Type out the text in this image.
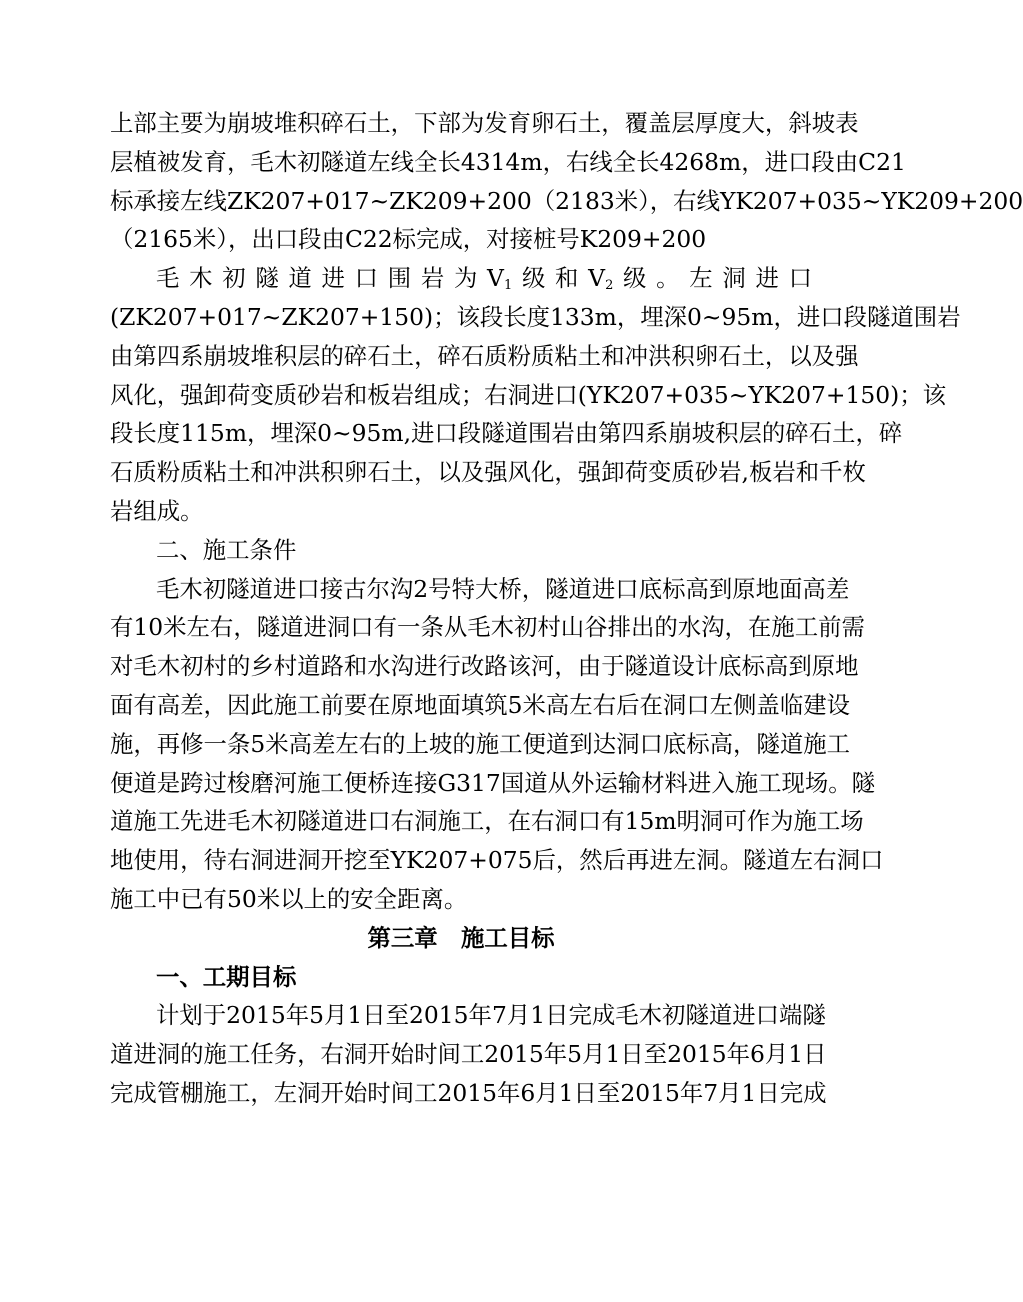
上部主要为崩坡堆积碎石土，下部为发育卵石土，覆盖层厚度大，斜坡表
层植被发育，毛木初隧道左线全长4314m，右线全长4268m，进口段由C21
标承接左线ZK207+017~ZK209+200（2183米），右线YK207+035~YK209+200
（2165米），出口段由C22标完成，对接桩号K209+200
毛木初隧道进口围岩为$V_1$级和$V_2$级。左洞进口
(ZK207+017~ZK207+150)；该段长度133m，埋深0~95m，进口段隧道围岩
由第四系崩坡堆积层的碎石土，碎石质粉质粘土和冲洪积卵石土，以及强
风化，强卸荷变质砂岩和板岩组成；右洞进口(YK207+035~YK207+150)；该
段长度115m，埋深0~95m,进口段隧道围岩由第四系崩坡积层的碎石土，碎
石质粉质粘土和冲洪积卵石土，以及强风化，强卸荷变质砂岩,板岩和千枚
岩组成。
二、施工条件
毛木初隧道进口接古尔沟2号特大桥，隧道进口底标高到原地面高差
有10米左右，隧道进洞口有一条从毛木初村山谷排出的水沟，在施工前需
对毛木初村的乡村道路和水沟进行改路该河，由于隧道设计底标高到原地
面有高差，因此施工前要在原地面填筑5米高左右后在洞口左侧盖临建设
施，再修一条5米高差左右的上坡的施工便道到达洞口底标高，隧道施工
便道是跨过梭磨河施工便桥连接G317国道从外运输材料进入施工现场。隧
道施工先进毛木初隧道进口右洞施工，在右洞口有15m明洞可作为施工场
地使用，待右洞进洞开挖至YK207+075后，然后再进左洞。隧道左右洞口
施工中已有50米以上的安全距离。
第三章　施工目标
一、工期目标
计划于2015年5月1日至2015年7月1日完成毛木初隧道进口端隧
道进洞的施工任务，右洞开始时间工2015年5月1日至2015年6月1日
完成管棚施工，左洞开始时间工2015年6月1日至2015年7月1日完成
